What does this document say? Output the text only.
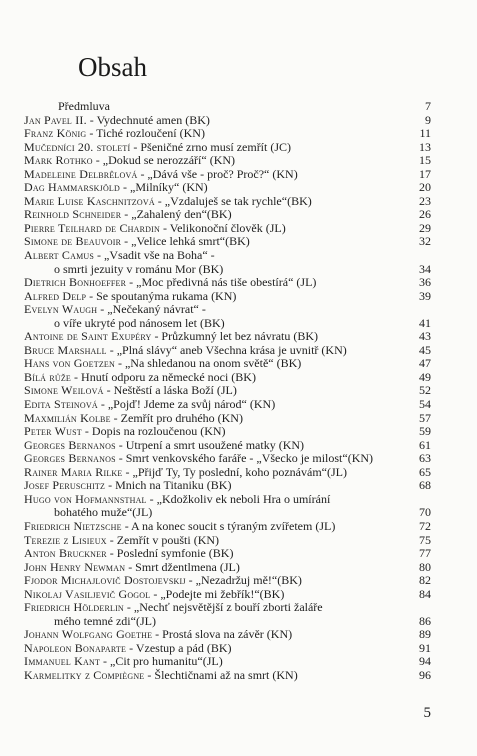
Obsah
Předmluva	7
Jan Pavel II. - Vydechnuté amen (BK)	9
Franz König - Tiché rozloučení (KN)	11
Mučedníci 20. století - Pšeničné zrno musí zemřít (JC)	13
Mark Rothko - „Dokud se nerozzáří“ (KN)	15
Madeleine Delbrêlová - „Dává vše - proč? Proč?“ (KN)	17
Dag Hammarskjöld - „Milníky“ (KN)	20
Marie Luise Kaschnitzová - „Vzdaluješ se tak rychle“(BK)	23
Reinhold Schneider - „Zahalený den“(BK)	26
Pierre Teilhard de Chardin - Velikonoční člověk (JL)	29
Simone de Beauvoir - „Velice lehká smrt“(BK)	32
Albert Camus - „Vsadit vše na Boha“ -
o smrti jezuity v románu Mor (BK)	34
Dietrich Bonhoeffer - „Moc předivná nás tiše obestírá“ (JL)	36
Alfred Delp - Se spoutanýma rukama (KN)	39
Evelyn Waugh - „Nečekaný návrat“ -
o víře ukryté pod nánosem let (BK)	41
Antoine de Saint Exupéry - Průzkumný let bez návratu (BK)	43
Bruce Marshall - „Plná slávy“ aneb Všechna krása je uvnitř (KN)	45
Hans von Goetzen - „Na shledanou na onom světě“ (BK)	47
Bílá růže - Hnutí odporu za německé noci (BK)	49
Simone Weilová - Neštěstí a láska Boží (JL)	52
Edita Steinová - „Pojď! Jdeme za svůj národ“ (KN)	54
Maxmilián Kolbe - Zemřít pro druhého (KN)	57
Peter Wust - Dopis na rozloučenou (KN)	59
Georges Bernanos - Utrpení a smrt usoužené matky (KN)	61
Georges Bernanos - Smrt venkovského faráře - „Všecko je milost“(KN)	63
Rainer Maria Rilke - „Přijď Ty, Ty poslední, koho poznávám“(JL)	65
Josef Peruschitz - Mnich na Titaniku (BK)	68
Hugo von Hofmannsthal - „Kdožkoliv ek neboli Hra o umírání
bohatého muže“(JL)	70
Friedrich Nietzsche - A na konec soucit s týraným zvířetem (JL)	72
Terezie z Lisieux - Zemřít v poušti (KN)	75
Anton Bruckner - Poslední symfonie (BK)	77
John Henry Newman - Smrt džentlmena (JL)	80
Fjodor Michajlovič Dostojevskij - „Nezadržuj mě!“(BK)	82
Nikolaj Vasiljevič Gogol - „Podejte mi žebřík!“(BK)	84
Friedrich Hölderlin - „Nechť nejsvětější z bouří zborti žaláře
mého temné zdi“(JL)	86
Johann Wolfgang Goethe - Prostá slova na závěr (KN)	89
Napoleon Bonaparte - Vzestup a pád (BK)	91
Immanuel Kant - „Cit pro humanitu“(JL)	94
Karmelitky z Compiègne - Šlechtičnami až na smrt (KN)	96
5
